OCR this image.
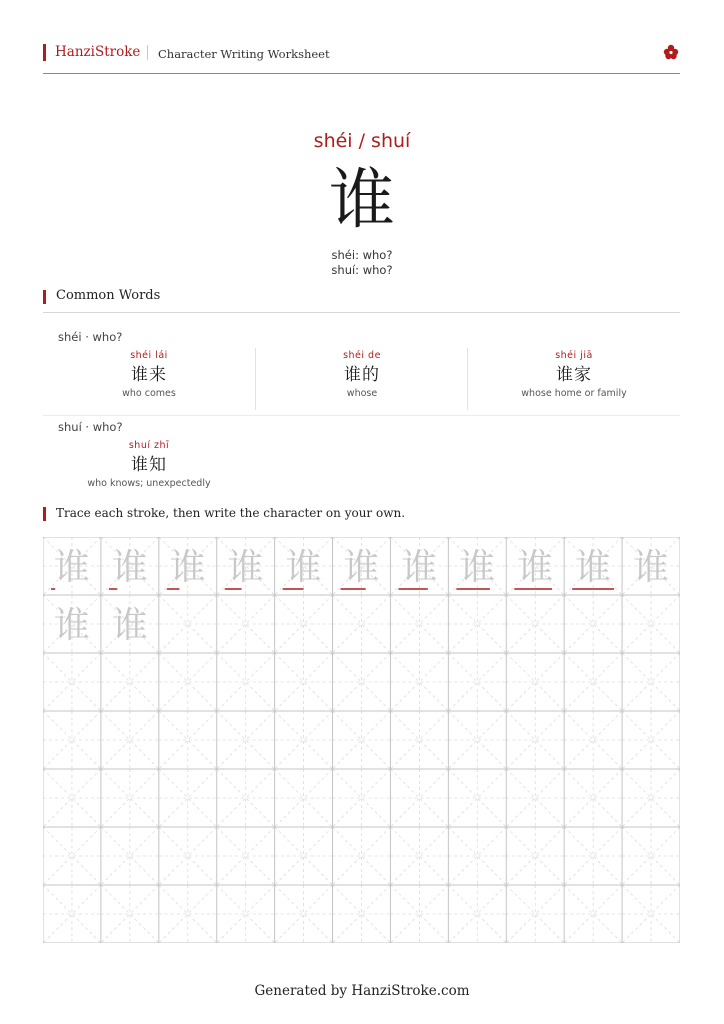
HanziStroke Character Writing Worksheet
shéi / shuí
谁
shéi: who?
shuí: who?
Common Words
shéi · who?
shéi lái
谁来
who comes
shéi de
谁的
whose
shéi jiā
谁家
whose home or family
shuí · who?
shuí zhī
谁知
who knows; unexpectedly
Trace each stroke, then write the character on your own.
谁 谁 谁 谁 谁 谁 谁 谁 谁 谁 谁
谁 谁
Generated by HanziStroke.com
